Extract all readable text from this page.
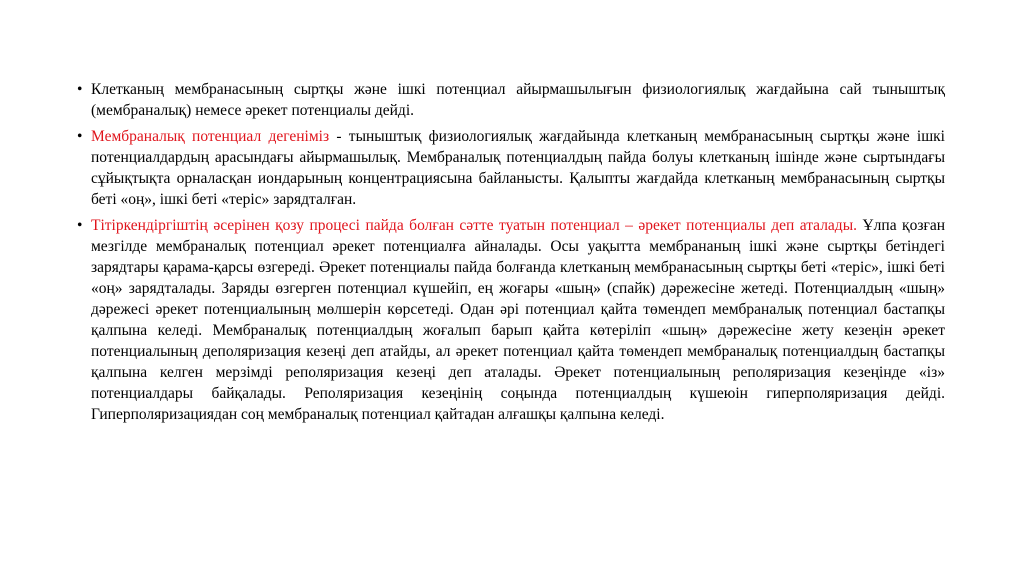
• Клетканың мембранасының сыртқы және ішкі потенциал айырмашылығын физиологиялық жағдайына сай тыныштық (мембраналық) немесе әрекет потенциалы дейді.
• Мембраналық потенциал дегеніміз - тыныштық физиологиялық жағдайында клетканың мембранасының сыртқы және ішкі потенциалдардың арасындағы айырмашылық. Мембраналық потенциалдың пайда болуы клетканың ішінде және сыртындағы сұйықтықта орналасқан иондарының концентрациясына байланысты. Қалыпты жағдайда клетканың мембранасының сыртқы беті «оң», ішкі беті «теріс» зарядталған.
• Тітіркендіргіштің әсерінен қозу процесі пайда болған сәтте туатын потенциал – әрекет потенциалы деп аталады. Ұлпа қозған мезгілде мембраналық потенциал әрекет потенциалға айналады. Осы уақытта мембрананың ішкі және сыртқы бетіндегі зарядтары қарама-қарсы өзгереді. Әрекет потенциалы пайда болғанда клетканың мембранасының сыртқы беті «теріс», ішкі беті «оң» зарядталады. Заряды өзгерген потенциал күшейіп, ең жоғары «шың» (спайк) дәрежесіне жетеді. Потенциалдың «шың» дәрежесі әрекет потенциалының мөлшерін көрсетеді. Одан әрі потенциал қайта төмендеп мембраналық потенциал бастапқы қалпына келеді. Мембраналық потенциалдың жоғалып барып қайта көтеріліп «шың» дәрежесіне жету кезеңін әрекет потенциалының деполяризация кезеңі деп атайды, ал әрекет потенциал қайта төмендеп мембраналық потенциалдың бастапқы қалпына келген мерзімді реполяризация кезеңі деп аталады. Әрекет потенциалының реполяризация кезеңінде «із» потенциалдары байқалады. Реполяризация кезеңінің соңында потенциалдың күшеюін гиперполяризация дейді. Гиперполяризациядан соң мембраналық потенциал қайтадан алғашқы қалпына келеді.
